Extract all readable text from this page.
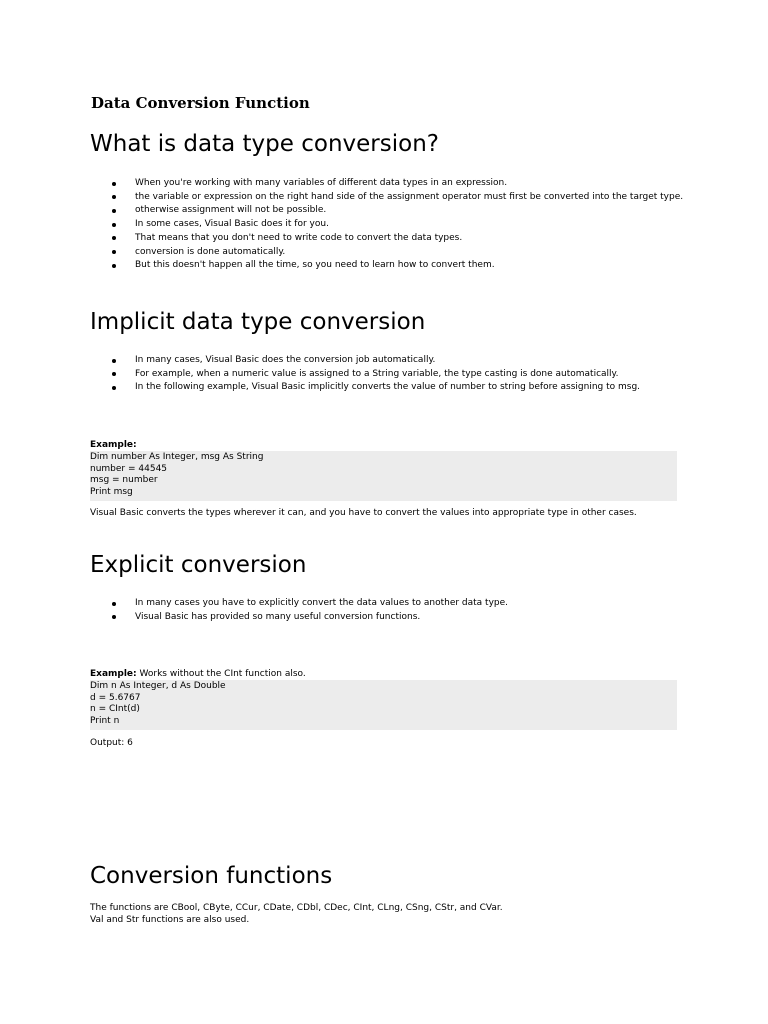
Data Conversion Function
What is data type conversion?
When you're working with many variables of different data types in an expression.
the variable or expression on the right hand side of the assignment operator must first be converted into the target type.
otherwise assignment will not be possible.
In some cases, Visual Basic does it for you.
That means that you don't need to write code to convert the data types.
conversion is done automatically.
But this doesn't happen all the time, so you need to learn how to convert them.
Implicit data type conversion
In many cases, Visual Basic does the conversion job automatically.
For example, when a numeric value is assigned to a String variable, the type casting is done automatically.
In the following example, Visual Basic implicitly converts the value of number to string before assigning to msg.
Example:
Dim number As Integer, msg As String
number = 44545
msg = number
Print msg
Visual Basic converts the types wherever it can, and you have to convert the values into appropriate type in other cases.
Explicit conversion
In many cases you have to explicitly convert the data values to another data type.
Visual Basic has provided so many useful conversion functions.
Example: Works without the CInt function also.
Dim n As Integer, d As Double
d = 5.6767
n = CInt(d)
Print n
Output: 6
Conversion functions
The functions are CBool, CByte, CCur, CDate, CDbl, CDec, CInt, CLng, CSng, CStr, and CVar.
Val and Str functions are also used.
